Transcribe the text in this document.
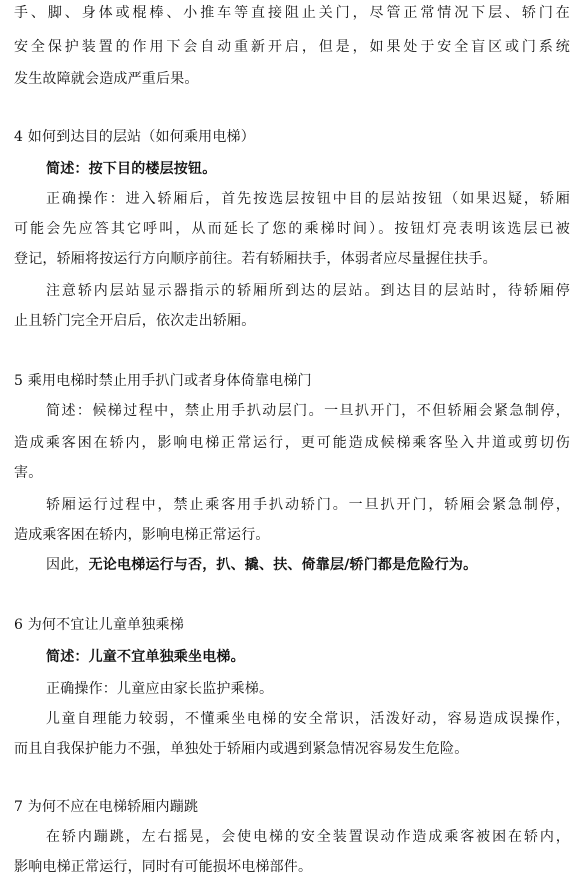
手、脚、身体或棍棒、小推车等直接阻止关门，尽管正常情况下层、轿门在
安全保护装置的作用下会自动重新开启，但是，如果处于安全盲区或门系统
发生故障就会造成严重后果。
4 如何到达目的层站（如何乘用电梯）
简述：按下目的楼层按钮。
正确操作：进入轿厢后，首先按选层按钮中目的层站按钮（如果迟疑，轿厢
可能会先应答其它呼叫，从而延长了您的乘梯时间）。按钮灯亮表明该选层已被
登记，轿厢将按运行方向顺序前往。若有轿厢扶手，体弱者应尽量握住扶手。
注意轿内层站显示器指示的轿厢所到达的层站。到达目的层站时，待轿厢停
止且轿门完全开启后，依次走出轿厢。
5 乘用电梯时禁止用手扒门或者身体倚靠电梯门
简述：候梯过程中，禁止用手扒动层门。一旦扒开门，不但轿厢会紧急制停，
造成乘客困在轿内，影响电梯正常运行，更可能造成候梯乘客坠入井道或剪切伤
害。
轿厢运行过程中，禁止乘客用手扒动轿门。一旦扒开门，轿厢会紧急制停，
造成乘客困在轿内，影响电梯正常运行。
因此，无论电梯运行与否，扒、撬、扶、倚靠层/轿门都是危险行为。
6 为何不宜让儿童单独乘梯
简述：儿童不宜单独乘坐电梯。
正确操作：儿童应由家长监护乘梯。
儿童自理能力较弱，不懂乘坐电梯的安全常识，活泼好动，容易造成误操作，
而且自我保护能力不强，单独处于轿厢内或遇到紧急情况容易发生危险。
7 为何不应在电梯轿厢内蹦跳
在轿内蹦跳，左右摇晃，会使电梯的安全装置误动作造成乘客被困在轿内，
影响电梯正常运行，同时有可能损坏电梯部件。
